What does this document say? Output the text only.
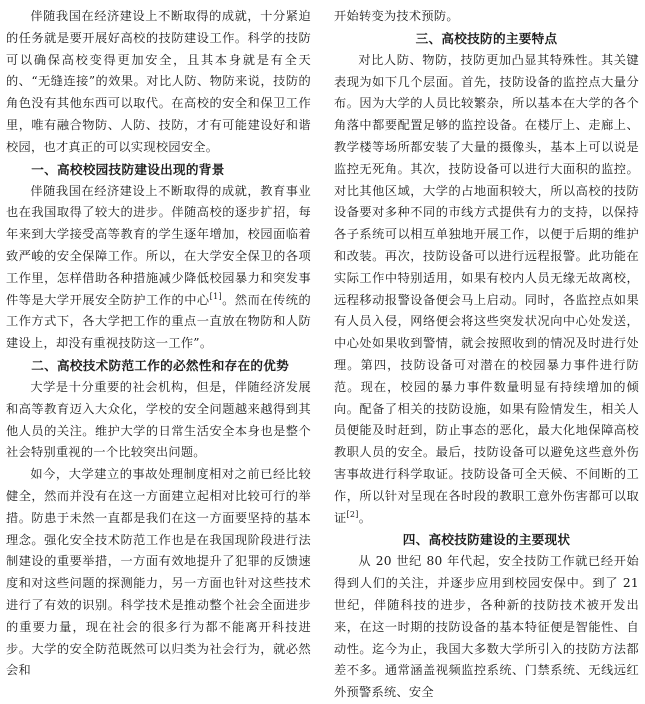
伴随我国在经济建设上不断取得的成就，十分紧迫的任务就是要开展好高校的技防建设工作。科学的技防可以确保高校变得更加安全，且其本身就是有全天的、“无缝连接”的效果。对比人防、物防来说，技防的角色没有其他东西可以取代。在高校的安全和保卫工作里，唯有融合物防、人防、技防，才有可能建设好和谐校园，也才真正的可以实现校园安全。

一、高校校园技防建设出现的背景

伴随我国在经济建设上不断取得的成就，教育事业也在我国取得了较大的进步。伴随高校的逐步扩招，每年来到大学接受高等教育的学生逐年增加，校园面临着致严峻的安全保障工作。所以，在大学安全保卫的各项工作里，怎样借助各种措施减少降低校园暴力和突发事件等是大学开展安全防护工作的中心[1]。然而在传统的工作方式下，各大学把工作的重点一直放在物防和人防建设上，却没有重视技防这一工作”。

二、高校技术防范工作的必然性和存在的优势

大学是十分重要的社会机构，但是，伴随经济发展和高等教育迈入大众化，学校的安全问题越来越得到其他人员的关注。维护大学的日常生活安全本身也是整个社会特别重视的一个比较突出问题。

如今，大学建立的事故处理制度相对之前已经比较健全，然而并没有在这一方面建立起相对比较可行的举措。防患于未然一直都是我们在这一方面要坚持的基本理念。强化安全技术防范工作也是在我国现阶段进行法制建设的重要举措，一方面有效地提升了犯罪的反馈速度和对这些问题的探测能力，另一方面也针对这些技术进行了有效的识别。科学技术是推动整个社会全面进步的重要力量，现在社会的很多行为都不能离开科技进步。大学的安全防范既然可以归类为社会行为，就必然会和

开始转变为技术预防。

三、高校技防的主要特点

对比人防、物防，技防更加凸显其特殊性。其关键表现为如下几个层面。首先，技防设备的监控点大量分布。因为大学的人员比较繁杂，所以基本在大学的各个角落中都要配置足够的监控设备。在楼厅上、走廊上、教学楼等场所都安装了大量的摄像头，基本上可以说是监控无死角。其次，技防设备可以进行大面积的监控。对比其他区域，大学的占地面积较大，所以高校的技防设备要对多种不同的市线方式提供有力的支持，以保持各子系统可以相互单独地开展工作，以便于后期的维护和改装。再次，技防设备可以进行远程报警。此功能在实际工作中特别适用，如果有校内人员无缘无故离校，远程移动报警设备便会马上启动。同时，各监控点如果有人员入侵，网络便会将这些突发状况向中心处发送，中心处如果收到警情，就会按照收到的情况及时进行处理。第四，技防设备可对潜在的校园暴力事件进行防范。现在，校园的暴力事件数量明显有持续增加的倾向。配备了相关的技防设施，如果有险情发生，相关人员便能及时赶到，防止事态的恶化，最大化地保障高校教职人员的安全。最后，技防设备可以避免这些意外伤害事故进行科学取证。技防设备可全天候、不间断的工作，所以针对呈现在各时段的教职工意外伤害都可以取证[2]。

四、高校技防建设的主要现状

从 20 世纪 80 年代起，安全技防工作就已经开始得到人们的关注，并逐步应用到校园安保中。到了 21 世纪，伴随科技的进步，各种新的技防技术被开发出来，在这一时期的技防设备的基本特征便是智能性、自动性。迄今为止，我国大多数大学所引入的技防方法都差不多。通常涵盖视频监控系统、门禁系统、无线远红外预警系统、安全
